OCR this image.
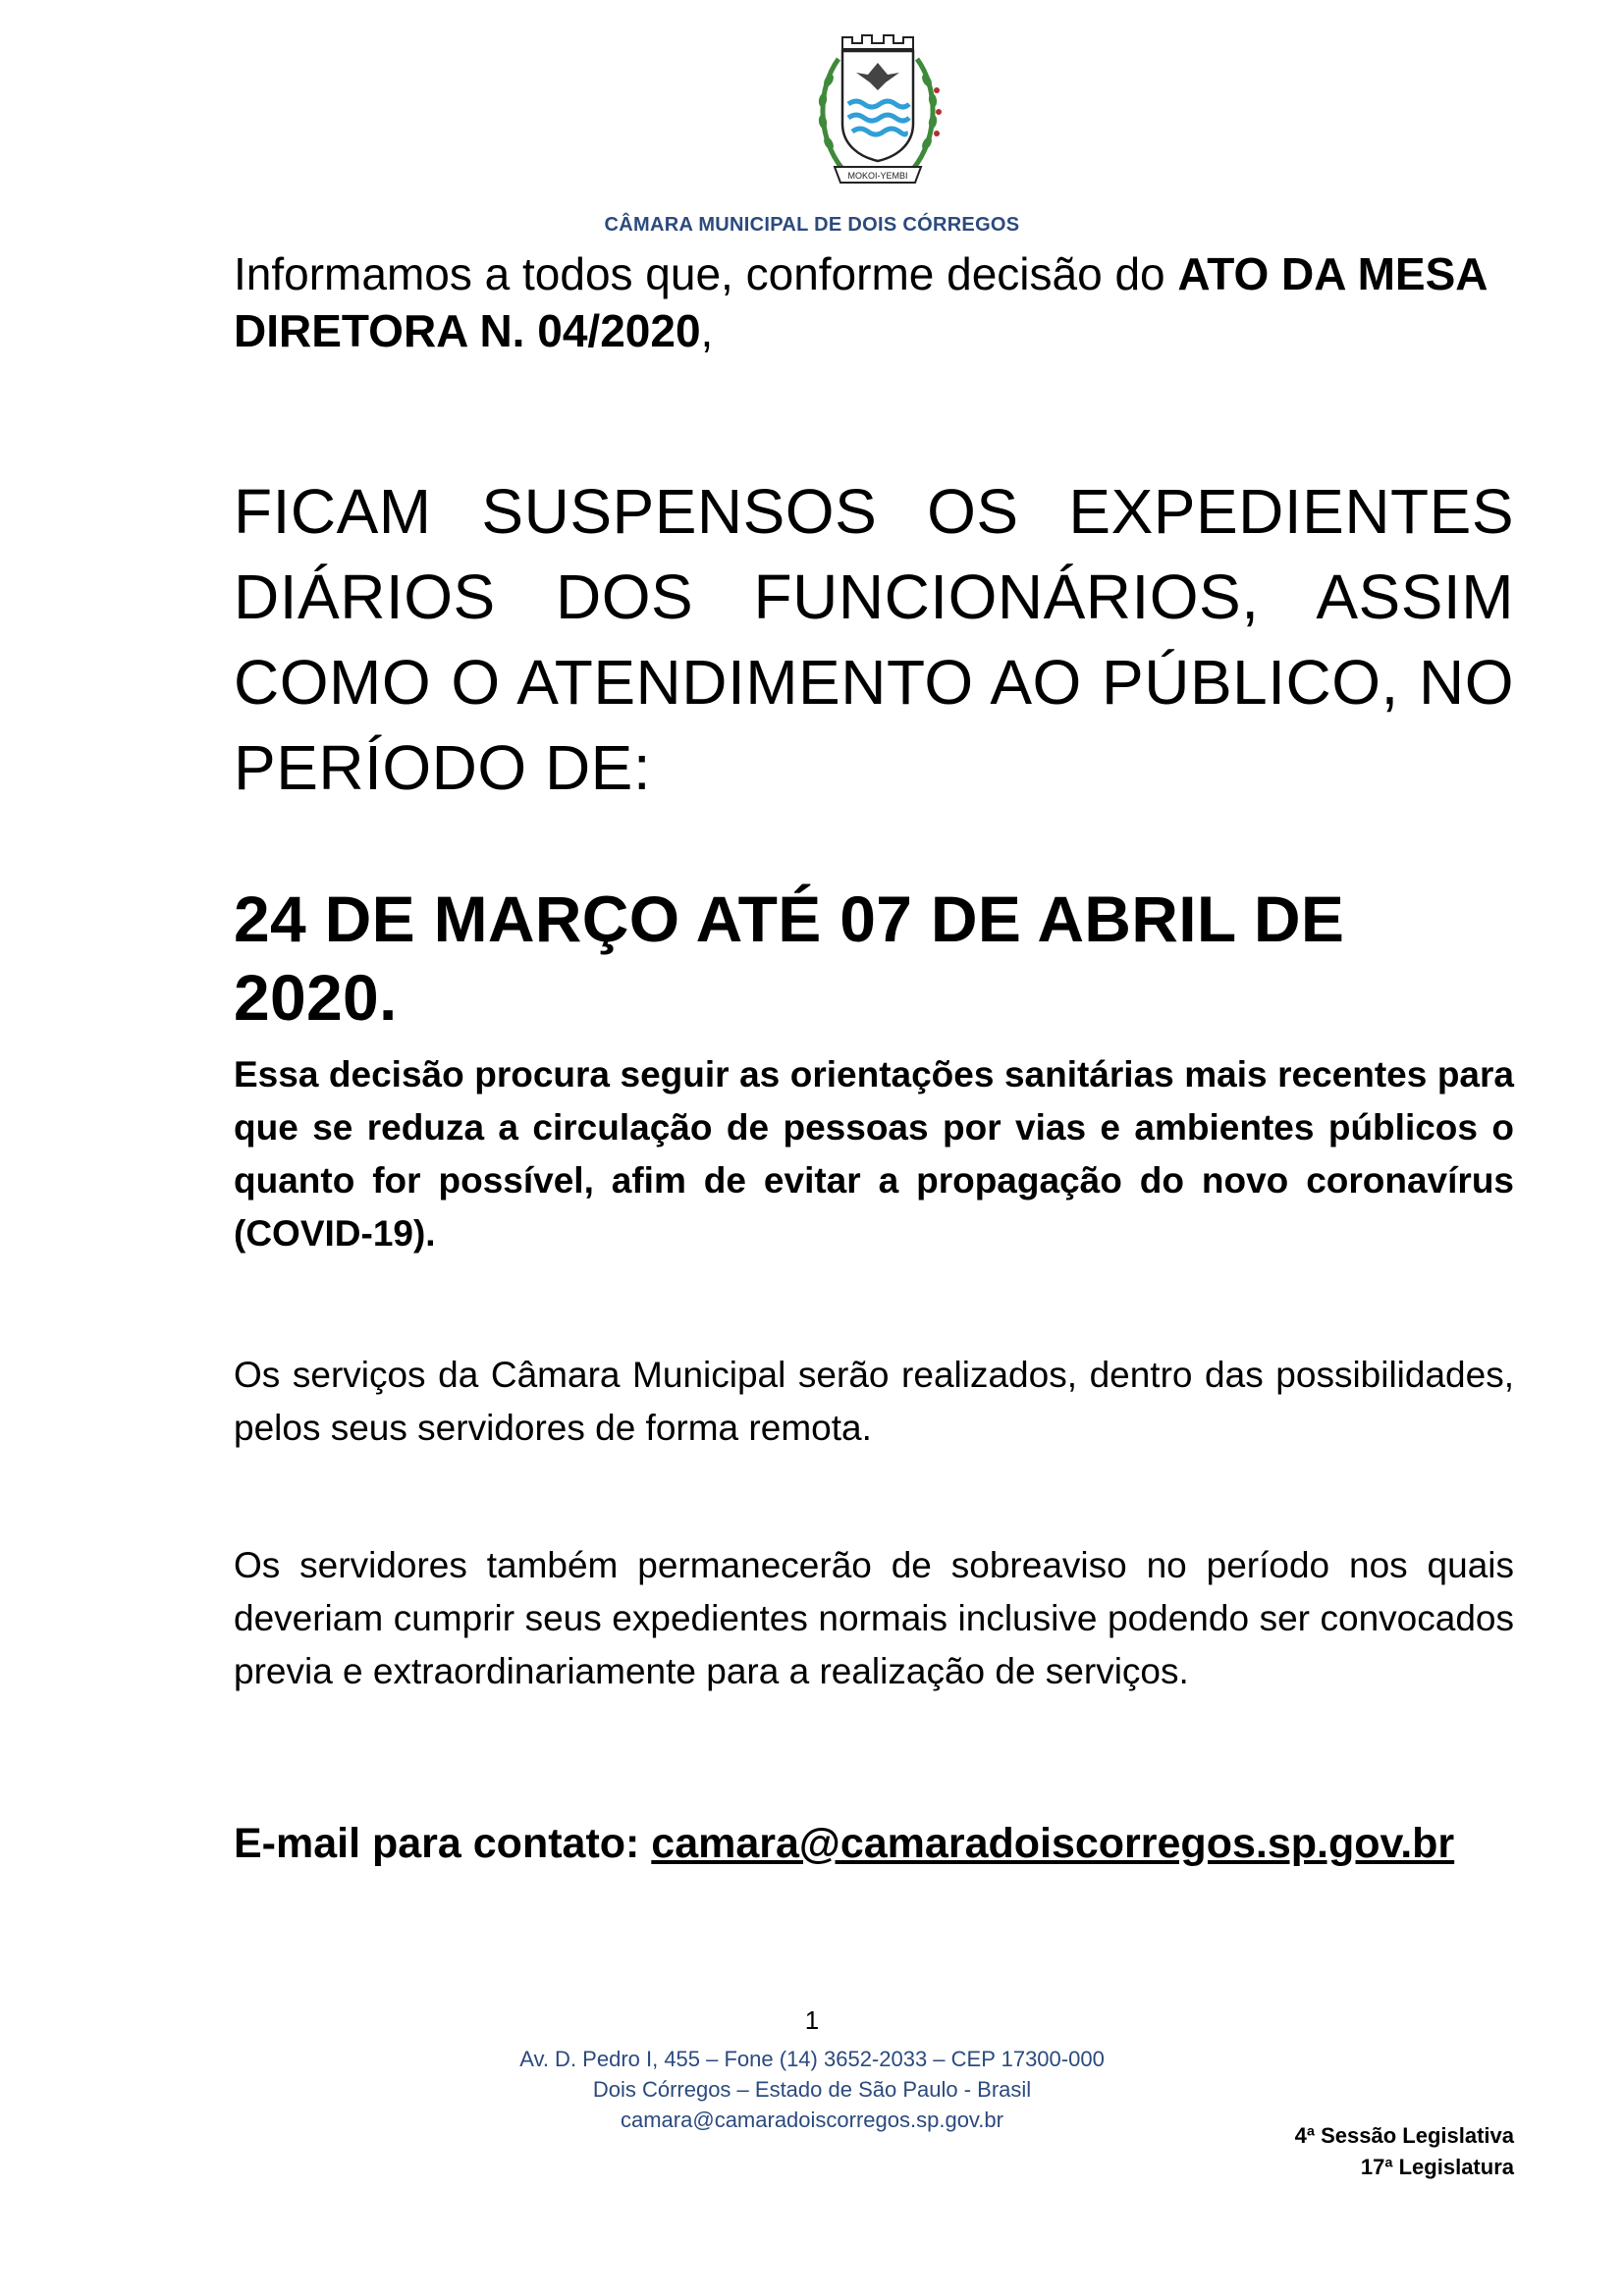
MOKOI-YEMBI
CÂMARA MUNICIPAL DE DOIS CÓRREGOS
Informamos a todos que, conforme decisão do ATO DA MESA DIRETORA N. 04/2020,
FICAM SUSPENSOS OS EXPEDIENTES DIÁRIOS DOS FUNCIONÁRIOS, ASSIM COMO O ATENDIMENTO AO PÚBLICO, NO PERÍODO DE:
24 DE MARÇO ATÉ 07 DE ABRIL DE 2020.
Essa decisão procura seguir as orientações sanitárias mais recentes para que se reduza a circulação de pessoas por vias e ambientes públicos o quanto for possível, afim de evitar a propagação do novo coronavírus (COVID-19).
Os serviços da Câmara Municipal serão realizados, dentro das possibilidades, pelos seus servidores de forma remota.
Os servidores também permanecerão de sobreaviso no período nos quais deveriam cumprir seus expedientes normais inclusive podendo ser convocados previa e extraordinariamente para a realização de serviços.
E-mail para contato: camara@camaradoiscorregos.sp.gov.br
1
Av. D. Pedro I, 455 – Fone (14) 3652-2033 – CEP 17300-000
Dois Córregos – Estado de São Paulo - Brasil
camara@camaradoiscorregos.sp.gov.br
4ª Sessão Legislativa
17ª Legislatura
